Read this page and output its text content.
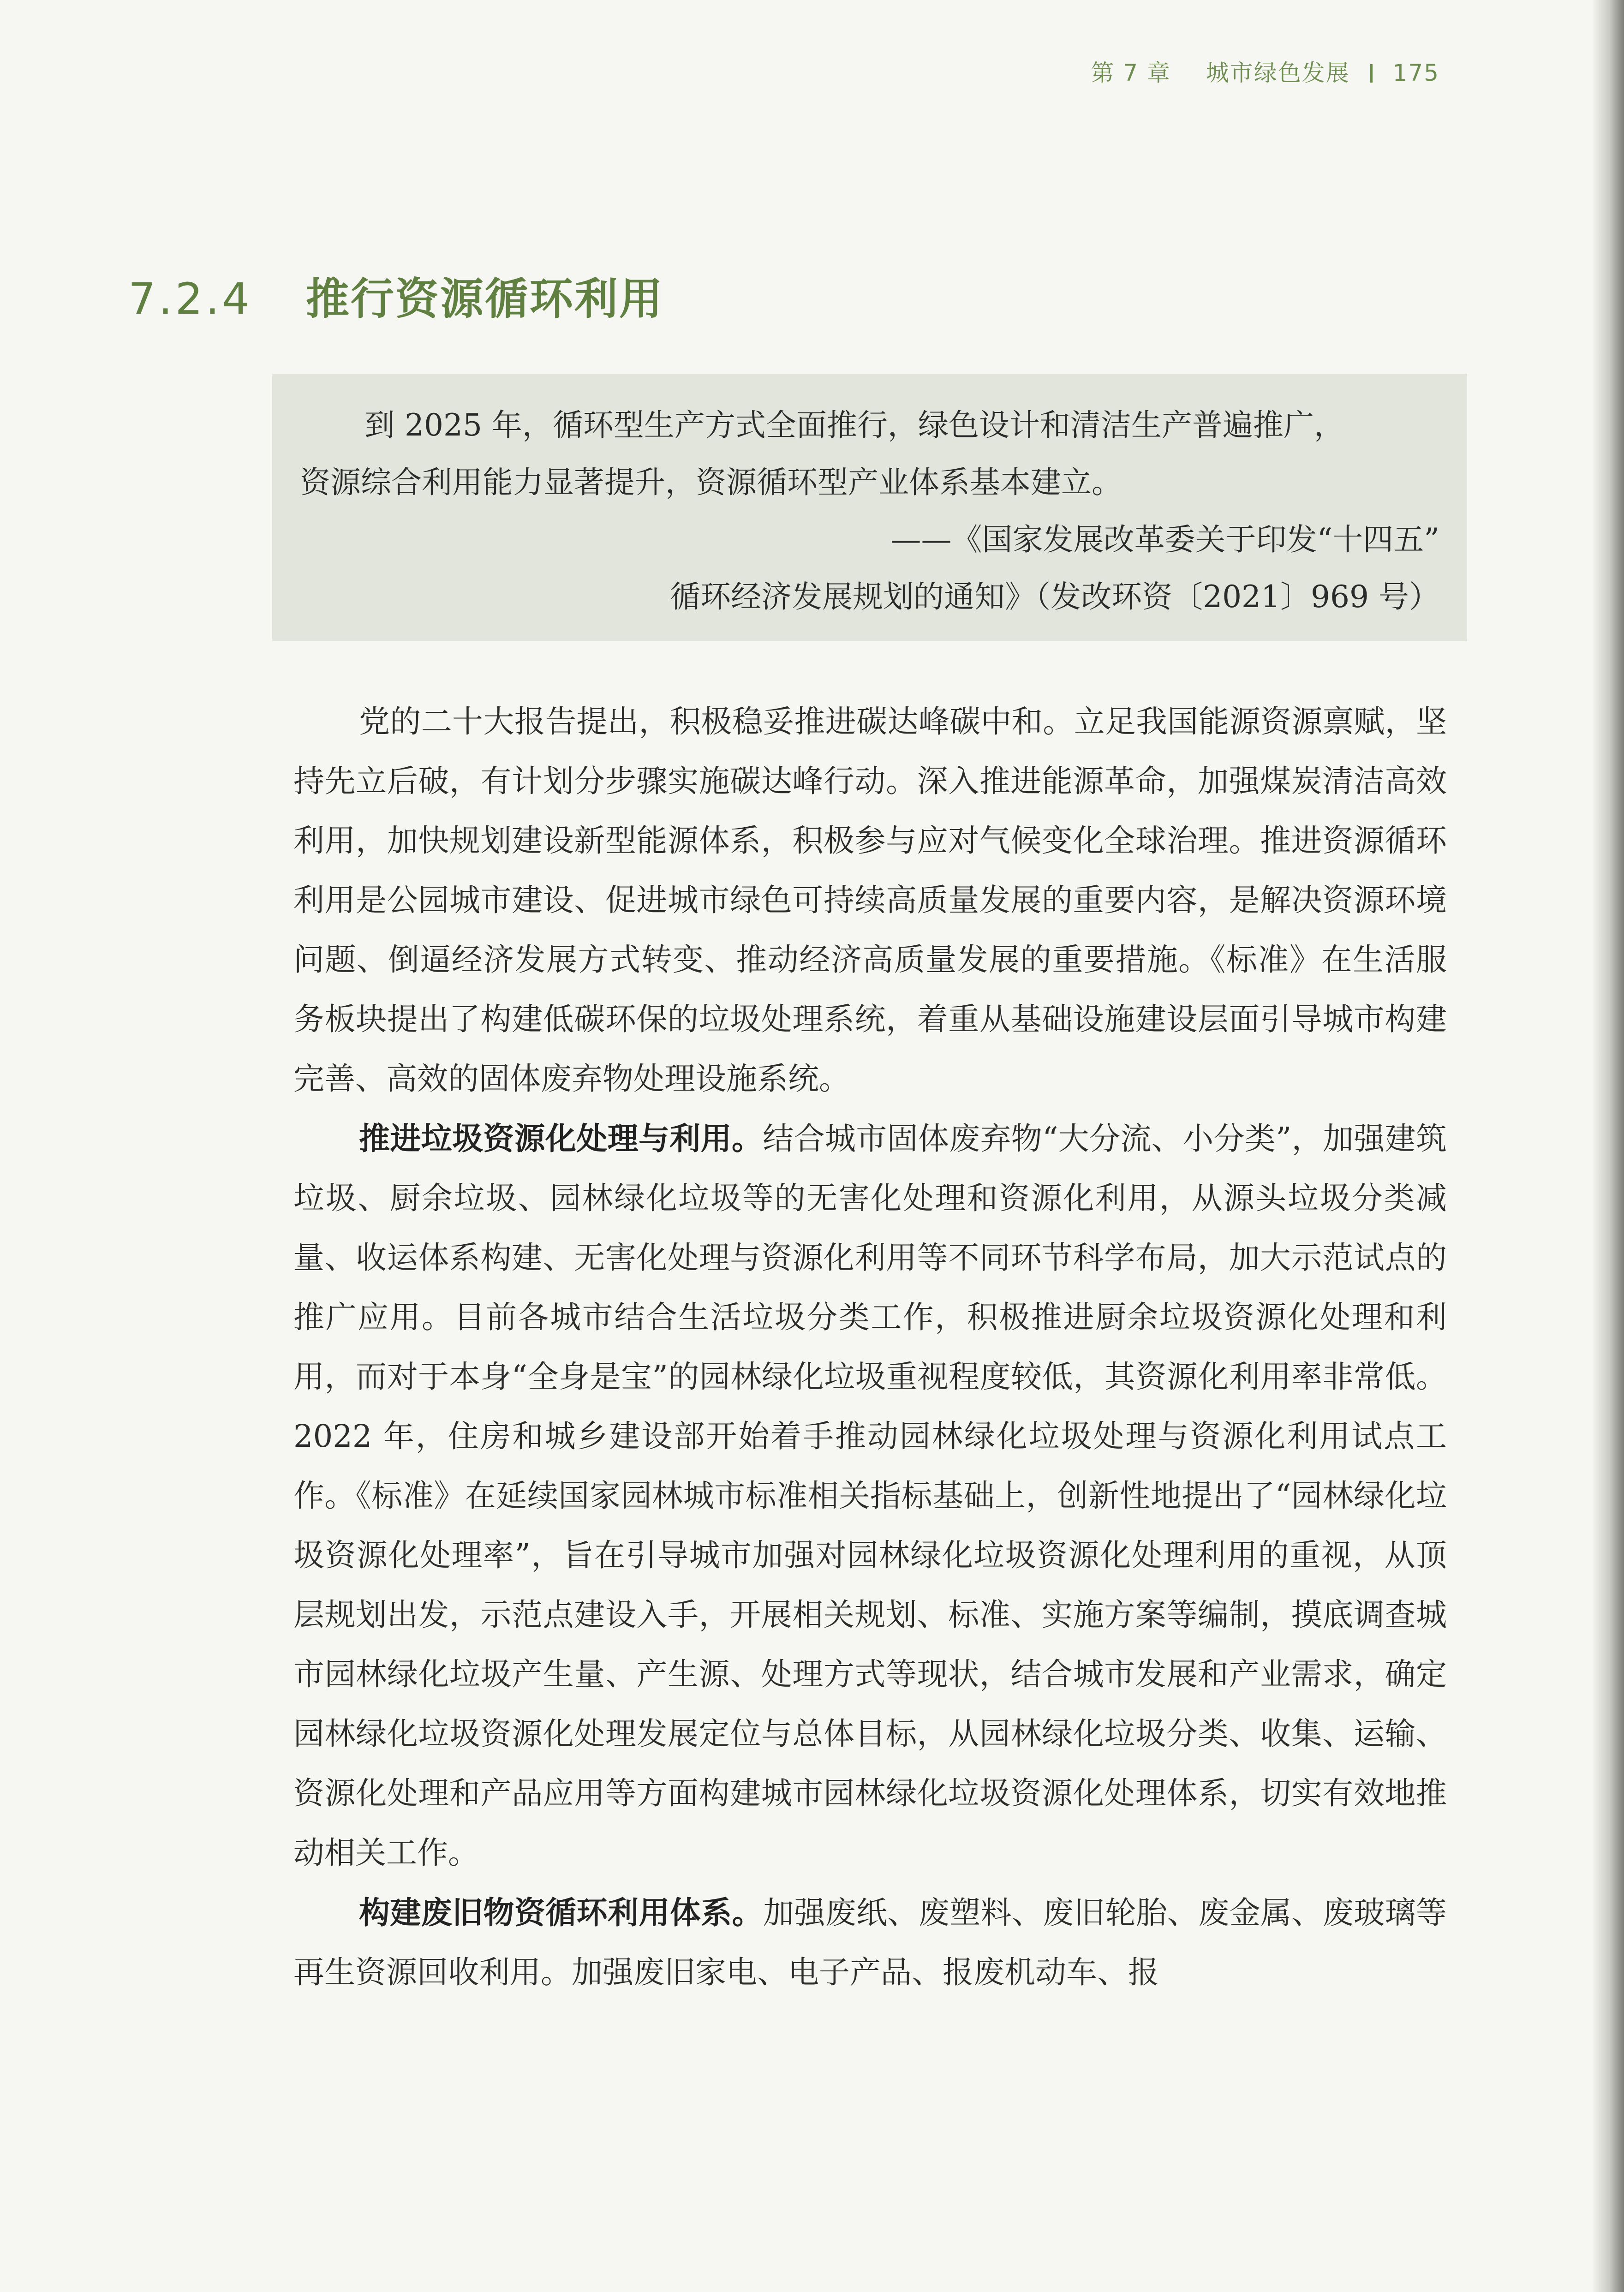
第 7 章 城市绿色发展 175
7.2.4 推行资源循环利用

到 2025 年，循环型生产方式全面推行，绿色设计和清洁生产普遍推广，

资源综合利用能力显著提升，资源循环型产业体系基本建立。

——《国家发展改革委关于印发“十四五”

循环经济发展规划的通知》（发改环资〔2021〕969 号）

党的二十大报告提出，积极稳妥推进碳达峰碳中和。立足我国能源资源禀赋，坚持先立后破，有计划分步骤实施碳达峰行动。深入推进能源革命，加强煤炭清洁高效利用，加快规划建设新型能源体系，积极参与应对气候变化全球治理。推进资源循环利用是公园城市建设、促进城市绿色可持续高质量发展的重要内容，是解决资源环境问题、倒逼经济发展方式转变、推动经济高质量发展的重要措施。《标准》在生活服务板块提出了构建低碳环保的垃圾处理系统，着重从基础设施建设层面引导城市构建完善、高效的固体废弃物处理设施系统。

推进垃圾资源化处理与利用。结合城市固体废弃物“大分流、小分类”，加强建筑垃圾、厨余垃圾、园林绿化垃圾等的无害化处理和资源化利用，从源头垃圾分类减量、收运体系构建、无害化处理与资源化利用等不同环节科学布局，加大示范试点的推广应用。目前各城市结合生活垃圾分类工作，积极推进厨余垃圾资源化处理和利用，而对于本身“全身是宝”的园林绿化垃圾重视程度较低，其资源化利用率非常低。2022 年，住房和城乡建设部开始着手推动园林绿化垃圾处理与资源化利用试点工作。《标准》在延续国家园林城市标准相关指标基础上，创新性地提出了“园林绿化垃圾资源化处理率”，旨在引导城市加强对园林绿化垃圾资源化处理利用的重视，从顶层规划出发，示范点建设入手，开展相关规划、标准、实施方案等编制，摸底调查城市园林绿化垃圾产生量、产生源、处理方式等现状，结合城市发展和产业需求，确定园林绿化垃圾资源化处理发展定位与总体目标，从园林绿化垃圾分类、收集、运输、资源化处理和产品应用等方面构建城市园林绿化垃圾资源化处理体系，切实有效地推动相关工作。

构建废旧物资循环利用体系。加强废纸、废塑料、废旧轮胎、废金属、废玻璃等再生资源回收利用。加强废旧家电、电子产品、报废机动车、报
